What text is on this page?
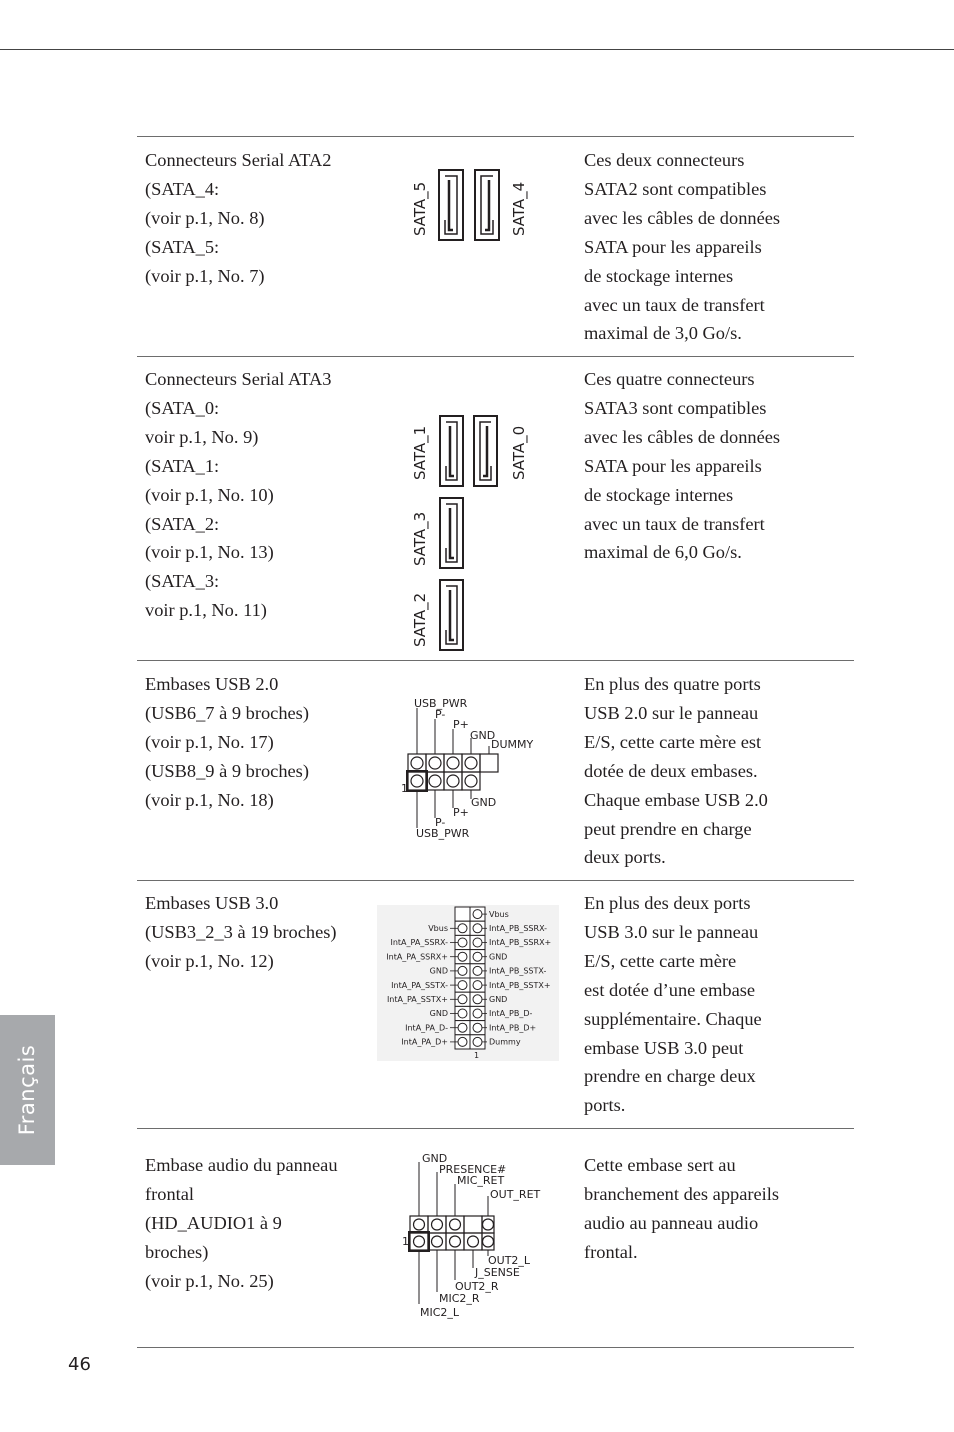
Connecteurs Serial ATA2
(SATA_4:
(voir p.1, No. 8)
(SATA_5:
(voir p.1, No. 7)
Ces deux connecteurs
SATA2 sont compatibles
avec les câbles de données
SATA pour les appareils
de stockage internes
avec un taux de transfert
maximal de 3,0 Go/s.
SATA_5	SATA_4
Connecteurs Serial ATA3
(SATA_0:
voir p.1, No. 9)
(SATA_1:
(voir p.1, No. 10)
(SATA_2:
(voir p.1, No. 13)
(SATA_3:
voir p.1, No. 11)
Ces quatre connecteurs
SATA3 sont compatibles
avec les câbles de données
SATA pour les appareils
de stockage internes
avec un taux de transfert
maximal de 6,0 Go/s.
SATA_1	SATA_0
SATA_3
SATA_2
Embases USB 2.0
(USB6_7 à 9 broches)
(voir p.1, No. 17)
(USB8_9 à 9 broches)
(voir p.1, No. 18)
En plus des quatre ports
USB 2.0 sur le panneau
E/S, cette carte mère est
dotée de deux embases.
Chaque embase USB 2.0
peut prendre en charge
deux ports.
USB_PWR
P-
P+
GND
DUMMY
1
GND
P+
P-
USB_PWR
Embases USB 3.0
(USB3_2_3 à 19 broches)
(voir p.1, No. 12)
En plus des deux ports
USB 3.0 sur le panneau
E/S, cette carte mère
est dotée d’une embase
supplémentaire. Chaque
embase USB 3.0 peut
prendre en charge deux
ports.
Vbus
Vbus
IntA_PA_SSRX-
IntA_PA_SSRX+
GND
IntA_PA_SSTX-
IntA_PA_SSTX+
GND
IntA_PA_D-
IntA_PA_D+
IntA_PB_SSRX-
IntA_PB_SSRX+
GND
IntA_PB_SSTX-
IntA_PB_SSTX+
GND
IntA_PB_D-
IntA_PB_D+
Dummy
1
Embase audio du panneau
frontal
(HD_AUDIO1 à 9
broches)
(voir p.1, No. 25)
Cette embase sert au
branchement des appareils
audio au panneau audio
frontal.
GND
PRESENCE#
MIC_RET
OUT_RET
1
OUT2_L
J_SENSE
OUT2_R
MIC2_R
MIC2_L
Français
46
